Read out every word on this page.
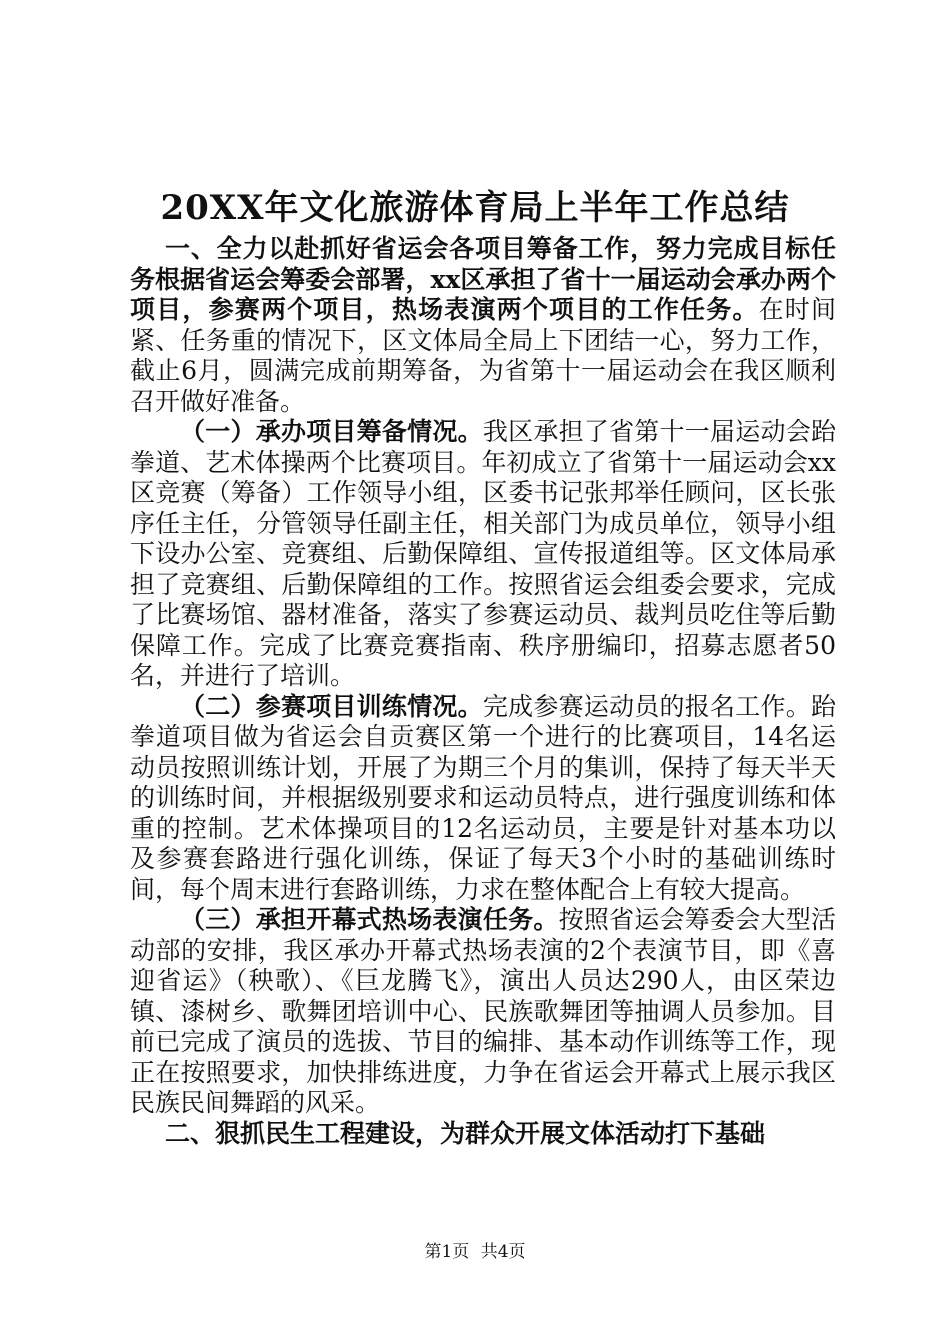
20XX年文化旅游体育局上半年工作总结

一、全力以赴抓好省运会各项目筹备工作，努力完成目标任务根据省运会筹委会部署，xx区承担了省十一届运动会承办两个项目，参赛两个项目，热场表演两个项目的工作任务。在时间紧、任务重的情况下，区文体局全局上下团结一心，努力工作，截止6月，圆满完成前期筹备，为省第十一届运动会在我区顺利召开做好准备。

（一）承办项目筹备情况。我区承担了省第十一届运动会跆拳道、艺术体操两个比赛项目。年初成立了省第十一届运动会xx区竞赛（筹备）工作领导小组，区委书记张邦举任顾问，区长张序任主任，分管领导任副主任，相关部门为成员单位，领导小组下设办公室、竞赛组、后勤保障组、宣传报道组等。区文体局承担了竞赛组、后勤保障组的工作。按照省运会组委会要求，完成了比赛场馆、器材准备，落实了参赛运动员、裁判员吃住等后勤保障工作。完成了比赛竞赛指南、秩序册编印，招募志愿者50名，并进行了培训。

（二）参赛项目训练情况。完成参赛运动员的报名工作。跆拳道项目做为省运会自贡赛区第一个进行的比赛项目，14名运动员按照训练计划，开展了为期三个月的集训，保持了每天半天的训练时间，并根据级别要求和运动员特点，进行强度训练和体重的控制。艺术体操项目的12名运动员，主要是针对基本功以及参赛套路进行强化训练，保证了每天3个小时的基础训练时间，每个周末进行套路训练，力求在整体配合上有较大提高。

（三）承担开幕式热场表演任务。按照省运会筹委会大型活动部的安排，我区承办开幕式热场表演的2个表演节目，即《喜迎省运》（秧歌）、《巨龙腾飞》，演出人员达290人，由区荣边镇、漆树乡、歌舞团培训中心、民族歌舞团等抽调人员参加。目前已完成了演员的选拔、节目的编排、基本动作训练等工作，现正在按照要求，加快排练进度，力争在省运会开幕式上展示我区民族民间舞蹈的风采。

二、狠抓民生工程建设，为群众开展文体活动打下基础

第1页 共4页
